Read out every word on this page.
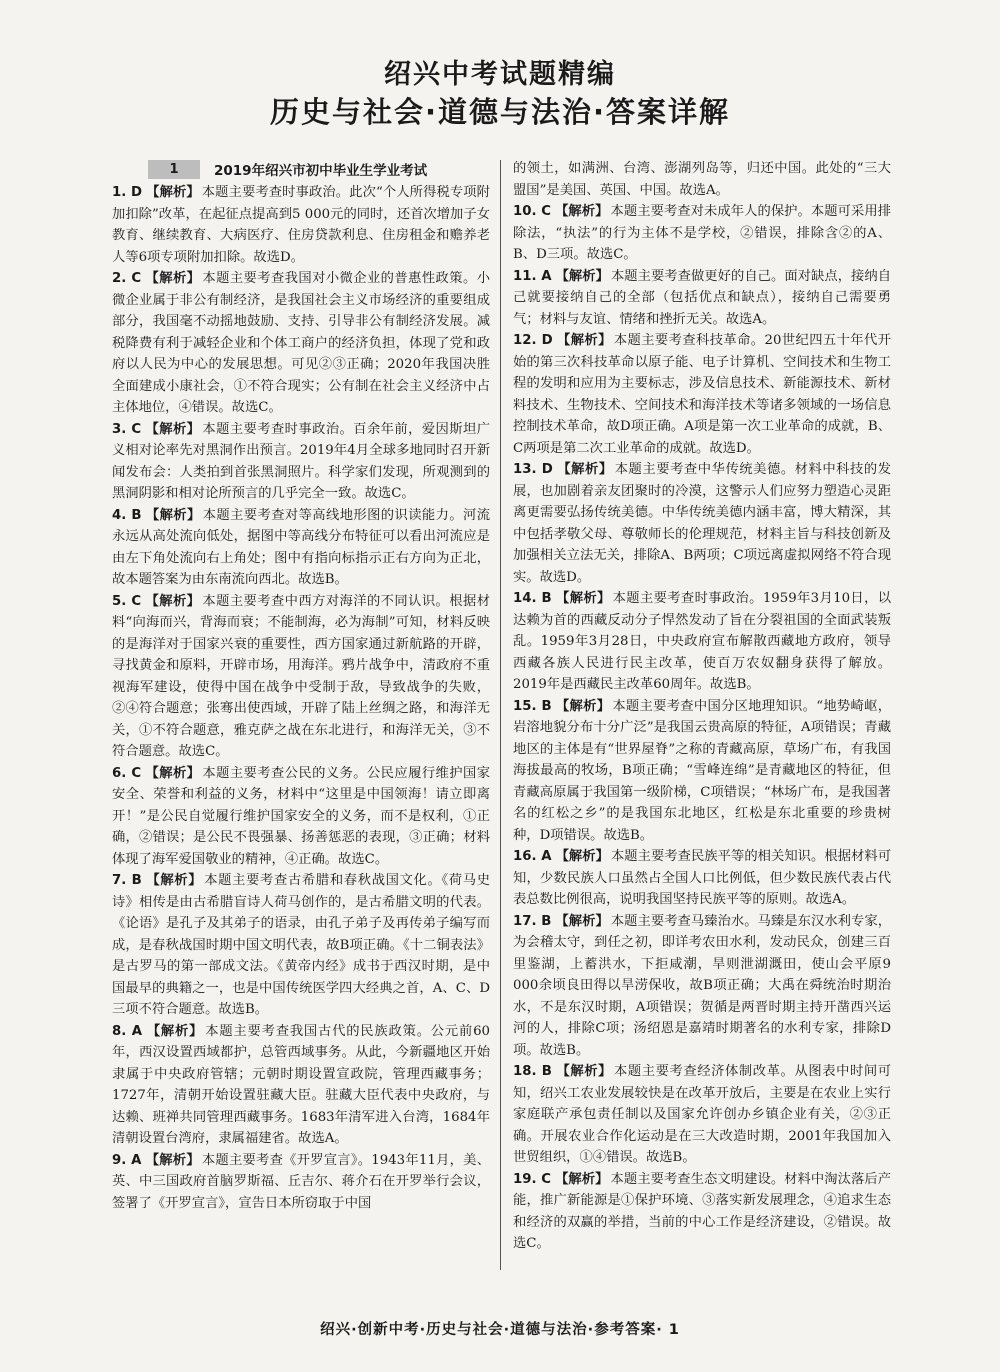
绍兴中考试题精编
历史与社会·道德与法治·答案详解
1	2019年绍兴市初中毕业生学业考试

1. D 【解析】 本题主要考查时事政治。此次“个人所得税专项附加扣除”改革，在起征点提高到5 000元的同时，还首次增加子女教育、继续教育、大病医疗、住房贷款利息、住房租金和赡养老人等6项专项附加扣除。故选D。

2. C 【解析】 本题主要考查我国对小微企业的普惠性政策。小微企业属于非公有制经济，是我国社会主义市场经济的重要组成部分，我国毫不动摇地鼓励、支持、引导非公有制经济发展。减税降费有利于减轻企业和个体工商户的经济负担，体现了党和政府以人民为中心的发展思想。可见②③正确；2020年我国决胜全面建成小康社会，①不符合现实；公有制在社会主义经济中占主体地位，④错误。故选C。

3. C 【解析】 本题主要考查时事政治。百余年前，爱因斯坦广义相对论率先对黑洞作出预言。2019年4月全球多地同时召开新闻发布会：人类拍到首张黑洞照片。科学家们发现，所观测到的黑洞阴影和相对论所预言的几乎完全一致。故选C。

4. B 【解析】 本题主要考查对等高线地形图的识读能力。河流永远从高处流向低处，据图中等高线分布特征可以看出河流应是由左下角处流向右上角处；图中有指向标指示正右方向为正北，故本题答案为由东南流向西北。故选B。

5. C 【解析】 本题主要考查中西方对海洋的不同认识。根据材料“向海而兴，背海而衰；不能制海，必为海制”可知，材料反映的是海洋对于国家兴衰的重要性，西方国家通过新航路的开辟，寻找黄金和原料，开辟市场，用海洋。鸦片战争中，清政府不重视海军建设，使得中国在战争中受制于敌，导致战争的失败，②④符合题意；张骞出使西域，开辟了陆上丝绸之路，和海洋无关，①不符合题意，雅克萨之战在东北进行，和海洋无关，③不符合题意。故选C。

6. C 【解析】 本题主要考查公民的义务。公民应履行维护国家安全、荣誉和利益的义务，材料中“这里是中国领海！请立即离开！”是公民自觉履行维护国家安全的义务，而不是权利，①正确，②错误；是公民不畏强暴、扬善惩恶的表现，③正确；材料体现了海军爱国敬业的精神，④正确。故选C。

7. B 【解析】 本题主要考查古希腊和春秋战国文化。《荷马史诗》相传是由古希腊盲诗人荷马创作的，是古希腊文明的代表。《论语》是孔子及其弟子的语录，由孔子弟子及再传弟子编写而成，是春秋战国时期中国文明代表，故B项正确。《十二铜表法》是古罗马的第一部成文法。《黄帝内经》成书于西汉时期，是中国最早的典籍之一，也是中国传统医学四大经典之首，A、C、D三项不符合题意。故选B。

8. A 【解析】 本题主要考查我国古代的民族政策。公元前60年，西汉设置西域都护，总管西域事务。从此，今新疆地区开始隶属于中央政府管辖；元朝时期设置宣政院，管理西藏事务；1727年，清朝开始设置驻藏大臣。驻藏大臣代表中央政府，与达赖、班禅共同管理西藏事务。1683年清军进入台湾，1684年清朝设置台湾府，隶属福建省。故选A。

9. A 【解析】 本题主要考查《开罗宣言》。1943年11月，美、英、中三国政府首脑罗斯福、丘吉尔、蒋介石在开罗举行会议，签署了《开罗宣言》，宣告日本所窃取于中国

的领土，如满洲、台湾、澎湖列岛等，归还中国。此处的“三大盟国”是美国、英国、中国。故选A。

10. C 【解析】 本题主要考查对未成年人的保护。本题可采用排除法，“执法”的行为主体不是学校，②错误，排除含②的A、B、D三项。故选C。

11. A 【解析】 本题主要考查做更好的自己。面对缺点，接纳自己就要接纳自己的全部（包括优点和缺点），接纳自己需要勇气；材料与友谊、情绪和挫折无关。故选A。

12. D 【解析】 本题主要考查科技革命。20世纪四五十年代开始的第三次科技革命以原子能、电子计算机、空间技术和生物工程的发明和应用为主要标志，涉及信息技术、新能源技术、新材料技术、生物技术、空间技术和海洋技术等诸多领域的一场信息控制技术革命，故D项正确。A项是第一次工业革命的成就，B、C两项是第二次工业革命的成就。故选D。

13. D 【解析】 本题主要考查中华传统美德。材料中科技的发展，也加剧着亲友团聚时的冷漠，这警示人们应努力塑造心灵距离更需要弘扬传统美德。中华传统美德内涵丰富，博大精深，其中包括孝敬父母、尊敬师长的伦理规范，材料主旨与科技创新及加强相关立法无关，排除A、B两项；C项远离虚拟网络不符合现实。故选D。

14. B 【解析】 本题主要考查时事政治。1959年3月10日，以达赖为首的西藏反动分子悍然发动了旨在分裂祖国的全面武装叛乱。1959年3月28日，中央政府宣布解散西藏地方政府，领导西藏各族人民进行民主改革，使百万农奴翻身获得了解放。2019年是西藏民主改革60周年。故选B。

15. B 【解析】 本题主要考查中国分区地理知识。“地势崎岖，岩溶地貌分布十分广泛”是我国云贵高原的特征，A项错误；青藏地区的主体是有“世界屋脊”之称的青藏高原，草场广布，有我国海拔最高的牧场，B项正确；“雪峰连绵”是青藏地区的特征，但青藏高原属于我国第一级阶梯，C项错误；“林场广布，是我国著名的红松之乡”的是我国东北地区，红松是东北重要的珍贵树种，D项错误。故选B。

16. A 【解析】 本题主要考查民族平等的相关知识。根据材料可知，少数民族人口虽然占全国人口比例低，但少数民族代表占代表总数比例很高，说明我国坚持民族平等的原则。故选A。

17. B 【解析】 本题主要考查马臻治水。马臻是东汉水利专家，为会稽太守，到任之初，即详考农田水利，发动民众，创建三百里鉴湖，上蓄洪水，下拒咸潮，旱则泄湖溉田，使山会平原9 000余顷良田得以旱涝保收，故B项正确；大禹在舜统治时期治水，不是东汉时期，A项错误；贺循是两晋时期主持开凿西兴运河的人，排除C项；汤绍恩是嘉靖时期著名的水利专家，排除D项。故选B。

18. B 【解析】 本题主要考查经济体制改革。从图表中时间可知，绍兴工农业发展较快是在改革开放后，主要是在农业上实行家庭联产承包责任制以及国家允许创办乡镇企业有关，②③正确。开展农业合作化运动是在三大改造时期，2001年我国加入世贸组织，①④错误。故选B。

19. C 【解析】 本题主要考查生态文明建设。材料中淘汰落后产能，推广新能源是①保护环境、③落实新发展理念，④追求生态和经济的双赢的举措，当前的中心工作是经济建设，②错误。故选C。

绍兴·创新中考·历史与社会·道德与法治·参考答案· 1
